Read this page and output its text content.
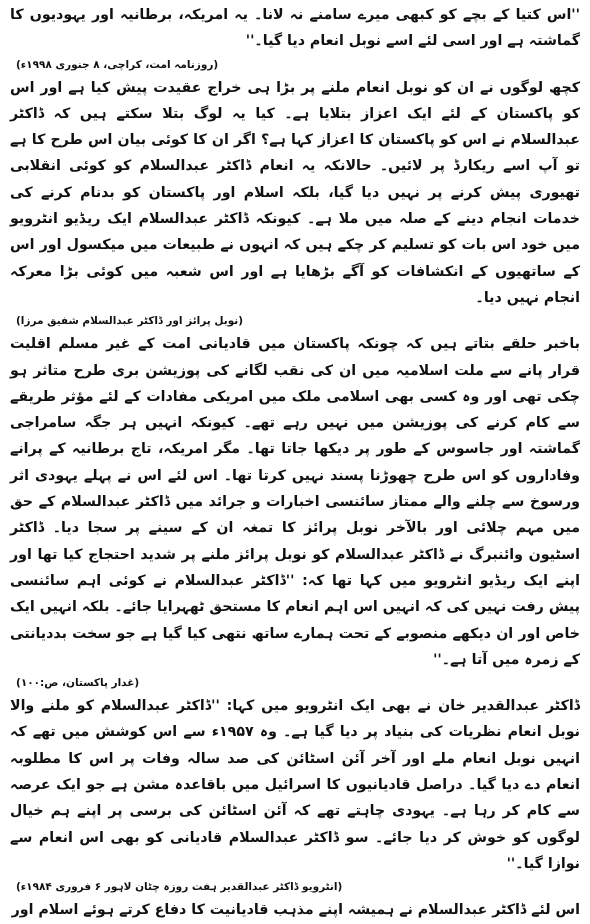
''اس کتیا کے بچے کو کبھی میرے سامنے نہ لانا۔ یہ امریکہ، برطانیہ اور یہودیوں کا گماشتہ ہے اور اسی لئے اسے نوبل انعام دیا گیا۔''

(روزنامہ امت، کراچی، ۸ جنوری ۱۹۹۸ء)

کچھ لوگوں نے ان کو نوبل انعام ملنے پر بڑا ہی خراج عقیدت پیش کیا ہے اور اس کو پاکستان کے لئے ایک اعزاز بتلایا ہے۔ کیا یہ لوگ بتلا سکتے ہیں کہ ڈاکٹر عبدالسلام نے اس کو پاکستان کا اعزاز کہا ہے؟ اگر ان کا کوئی بیان اس طرح کا ہے تو آپ اسے ریکارڈ پر لائیں۔ حالانکہ یہ انعام ڈاکٹر عبدالسلام کو کوئی انقلابی تھیوری پیش کرنے پر نہیں دیا گیا، بلکہ اسلام اور پاکستان کو بدنام کرنے کی خدمات انجام دینے کے صلہ میں ملا ہے۔ کیونکہ ڈاکٹر عبدالسلام ایک ریڈیو انٹرویو میں خود اس بات کو تسلیم کر چکے ہیں کہ انہوں نے طبیعات میں میکسول اور اس کے ساتھیوں کے انکشافات کو آگے بڑھایا ہے اور اس شعبہ میں کوئی بڑا معرکہ انجام نہیں دیا۔

(نوبل پرائز اور ڈاکٹر عبدالسلام شفیق مرزا)

باخبر حلقے بتاتے ہیں کہ چونکہ پاکستان میں قادیانی امت کے غیر مسلم اقلیت قرار پانے سے ملت اسلامیہ میں ان کی نقب لگانے کی پوزیشن بری طرح متاثر ہو چکی تھی اور وہ کسی بھی اسلامی ملک میں امریکی مفادات کے لئے مؤثر طریقے سے کام کرنے کی پوزیشن میں نہیں رہے تھے۔ کیونکہ انہیں ہر جگہ سامراجی گماشتہ اور جاسوس کے طور پر دیکھا جاتا تھا۔ مگر امریکہ، تاج برطانیہ کے پرانے وفاداروں کو اس طرح چھوڑنا پسند نہیں کرتا تھا۔ اس لئے اس نے پہلے یہودی اثر ورسوخ سے چلنے والے ممتاز سائنسی اخبارات و جرائد میں ڈاکٹر عبدالسلام کے حق میں مہم چلائی اور بالآخر نوبل پرائز کا تمغہ ان کے سینے پر سجا دیا۔ ڈاکٹر اسٹیون وائنبرگ نے ڈاکٹر عبدالسلام کو نوبل پرائز ملنے پر شدید احتجاج کیا تھا اور اپنے ایک ریڈیو انٹرویو میں کہا تھا کہ: ''ڈاکٹر عبدالسلام نے کوئی اہم سائنسی پیش رفت نہیں کی کہ انہیں اس اہم انعام کا مستحق ٹھہرایا جائے۔ بلکہ انہیں ایک خاص اور ان دیکھے منصوبے کے تحت ہمارے ساتھ نتھی کیا گیا ہے جو سخت بددیانتی کے زمرہ میں آتا ہے۔''

(غدار پاکستان، ص:۱۰۰)

ڈاکٹر عبدالقدیر خان نے بھی ایک انٹرویو میں کہا: ''ڈاکٹر عبدالسلام کو ملنے والا نوبل انعام نظریات کی بنیاد پر دیا گیا ہے۔ وہ ۱۹۵۷ء سے اس کوشش میں تھے کہ انہیں نوبل انعام ملے اور آخر آئن اسٹائن کی صد سالہ وفات پر اس کا مطلوبہ انعام دے دیا گیا۔ دراصل قادیانیوں کا اسرائیل میں باقاعدہ مشن ہے جو ایک عرصہ سے کام کر رہا ہے۔ یہودی چاہتے تھے کہ آئن اسٹائن کی برسی پر اپنے ہم خیال لوگوں کو خوش کر دیا جائے۔ سو ڈاکٹر عبدالسلام قادیانی کو بھی اس انعام سے نوازا گیا۔''

(انٹرویو ڈاکٹر عبدالقدیر ہفت روزہ چٹان لاہور ۶ فروری ۱۹۸۴ء)

اس لئے ڈاکٹر عبدالسلام نے ہمیشہ اپنے مذہب قادیانیت کا دفاع کرتے ہوئے اسلام اور
